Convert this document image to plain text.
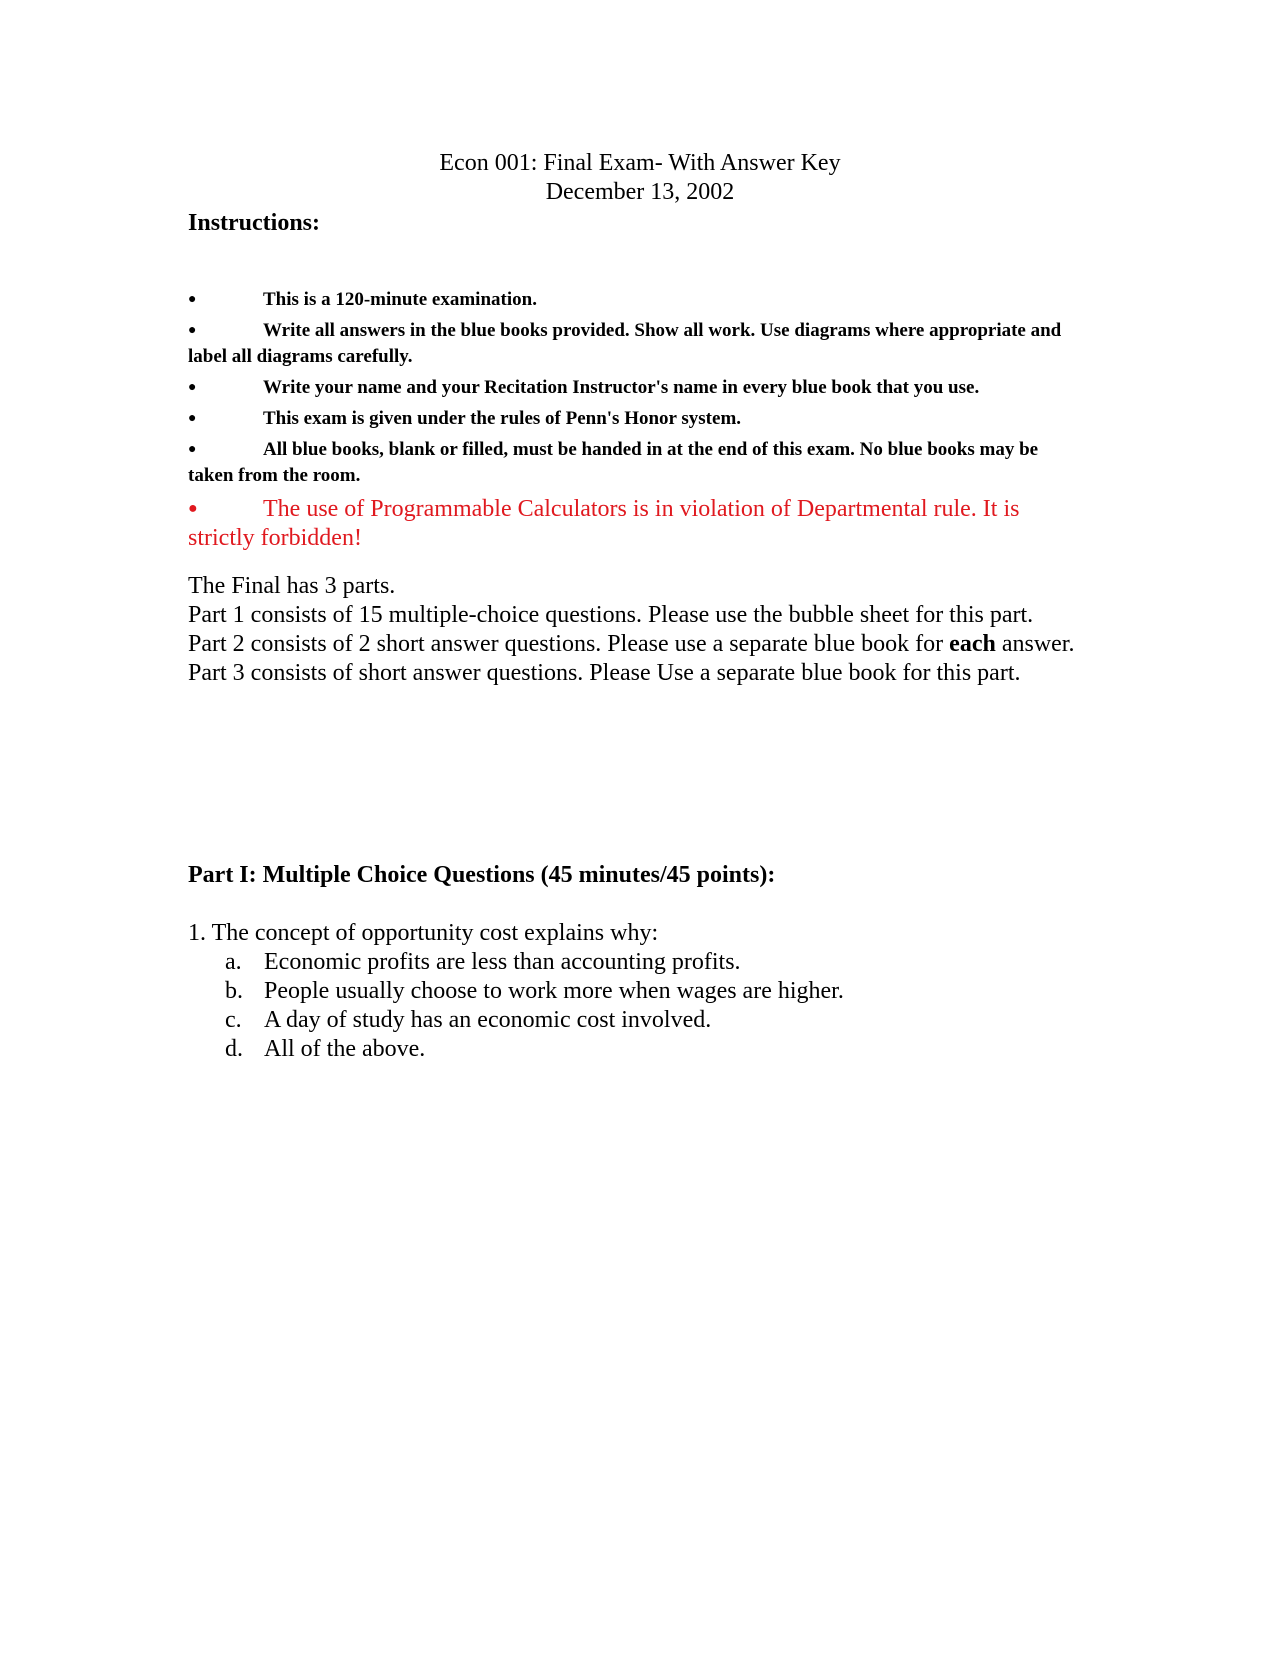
Econ 001: Final Exam- With Answer Key
December 13, 2002
Instructions:
●	This is a 120-minute examination.
●	Write all answers in the blue books provided. Show all work. Use diagrams where appropriate and label all diagrams carefully.
●	Write your name and your Recitation Instructor's name in every blue book that you use.
●	This exam is given under the rules of Penn's Honor system.
●	All blue books, blank or filled, must be handed in at the end of this exam. No blue books may be taken from the room.
●	The use of Programmable Calculators is in violation of Departmental rule. It is strictly forbidden!

The Final has 3 parts.

Part 1 consists of 15 multiple-choice questions. Please use the bubble sheet for this part.

Part 2 consists of 2 short answer questions. Please use a separate blue book for each answer.

Part 3 consists of short answer questions. Please Use a separate blue book for this part.

Part I: Multiple Choice Questions (45 minutes/45 points):

1. The concept of opportunity cost explains why:

a. Economic profits are less than accounting profits.
b. People usually choose to work more when wages are higher.
c. A day of study has an economic cost involved.
d. All of the above.
